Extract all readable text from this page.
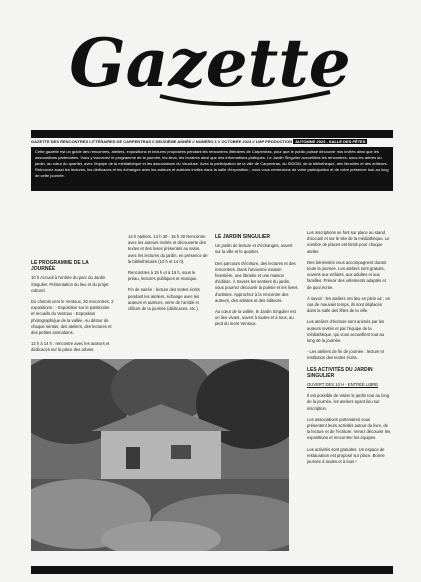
Gazette
GAZETTE DES RENCONTRES LITTÉRAIRES DE CARPENTRAS // DEUXIÈME ANNÉE // NUMÉRO 1 // OCTOBRE 2023 // LMP PRODUCTION AUTOMNE 2023 - SALLE DES FÊTES
Cette gazette est un guide des rencontres, ateliers, expositions et lectures proposées pendant les rencontres littéraires de Carpentras, pour que le public puisse découvrir nos invités ainsi que les associations partenaires. Vous y trouverez le programme de la journée, les lieux, les horaires ainsi que des informations pratiques. Le Jardin Singulier accueillera les rencontres, sous les arbres du jardin, au cœur du quartier, avec l'équipe de la médiathèque et les associations du Vaucluse. Avec la participation de la ville de Carpentras, du SIDOM, de la bibliothèque, des librairies et des éditeurs. Retrouvez aussi les lectures, les dédicaces et les échanges avec les auteurs et autrices invités dans la salle d'exposition ; nous vous remercions de votre participation et de votre présence tout au long de cette journée.
LE PROGRAMME DE LA JOURNÉE

10 h Accueil à l'entrée du parc du Jardin Singulier. Présentation du lieu et du projet culturel.

Du chemin vers le Ventoux, 20 rencontres, 2 expositions : - Exposition sur le patrimoine et recueils du Ventoux - Exposition photographique de la vallée. Au détour de chaque sentier, des ateliers, des lectures et des petites animations.

12 h à 14 h : rencontre avec les auteurs et dédicaces sur la place des arbres.

14 h Ateliers. 14 h 30 - 15 h 30 Rencontre avec les auteurs invités et découverte des textes et des livres présentés au salon, avec les lectures du jardin, en présence de la bibliothécaire (10 h et 14 h).

Rencontres à 15 h et à 16 h, sous le préau, lectures publiques et musique.

Fin de soirée : lecture des textes écrits pendant les ateliers, échange avec les auteurs et autrices, verre de l'amitié et clôture de la journée (dédicaces, etc.).

LE JARDIN SINGULIER

Un jardin de lecture et d'échanges, ouvert sur la ville et le quartier.

Des parcours d'écriture, des lectures et des rencontres. Dans l'ancienne maison forestière, une librairie et une maison d'édition. À travers les sentiers du jardin, vous pourrez découvrir la poésie et les livres d'artistes. Approchez à la rencontre des auteurs, des artistes et des éditeurs.

Au cœur de la vallée, le Jardin Singulier est un lieu vivant, ouvert à toutes et à tous, au pied du mont Ventoux.

Les inscriptions se font sur place au stand d'accueil et sur le site de la médiathèque. Le nombre de places est limité pour chaque atelier.

Des bénévoles vous accompagnent durant toute la journée. Les ateliers sont gratuits, ouverts aux enfants, aux adultes et aux familles. Prévoir des vêtements adaptés et de quoi écrire.

À savoir : les ateliers ont lieu en plein air ; en cas de mauvais temps, ils sont déplacés dans la salle des fêtes de la ville.

Les ateliers d'écriture sont animés par les auteurs invités et par l'équipe de la médiathèque, qui vous accueillent tout au long de la journée.

- Les ateliers de fin de journée : lecture et restitution des textes écrits.

LES ACTIVITÉS DU JARDIN SINGULIER

OUVERT DES 10 H - ENTRÉE LIBRE

Il est possible de visiter le jardin tout au long de la journée, les ateliers ayant lieu sur inscription.

Les associations partenaires vous présentent leurs activités autour du livre, de la lecture et de l'écriture. Venez découvrir les expositions et rencontrer les équipes.

Les activités sont gratuites. Un espace de restauration est proposé sur place. Bonne journée à toutes et à tous !
